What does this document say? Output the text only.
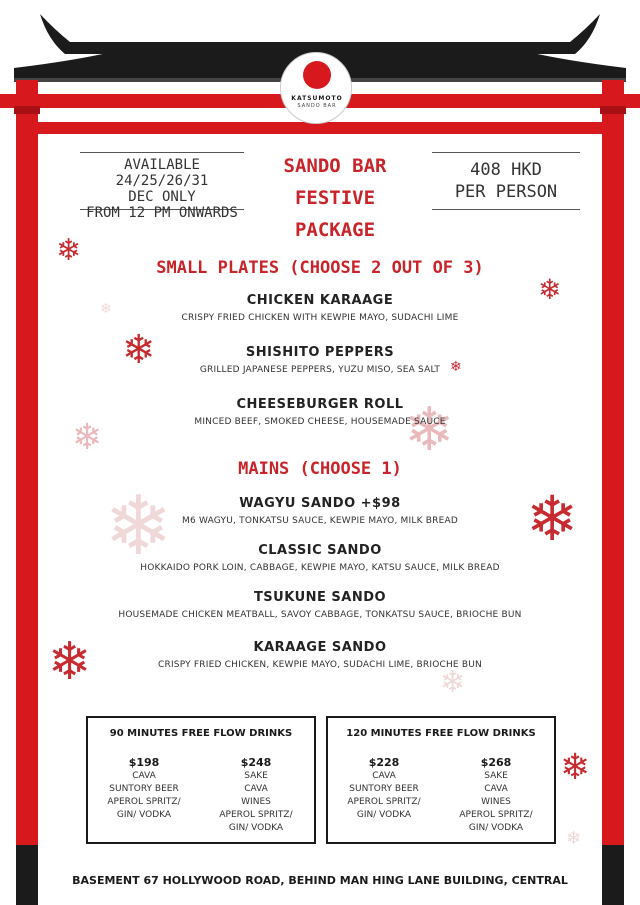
KATSUMOTO
SANDO BAR
❄
❄
❄	❄
❄
❄	❄
❄	❄
❄	❄
❄
❄
AVAILABLE 24/25/26/31
DEC ONLY
FROM 12 PM ONWARDS
SANDO BAR
FESTIVE PACKAGE
408 HKD
PER PERSON
SMALL PLATES (CHOOSE 2 OUT OF 3)
CHICKEN KARAAGE
CRISPY FRIED CHICKEN WITH KEWPIE MAYO, SUDACHI LIME
SHISHITO PEPPERS
GRILLED JAPANESE PEPPERS, YUZU MISO, SEA SALT
CHEESEBURGER ROLL
MINCED BEEF, SMOKED CHEESE, HOUSEMADE SAUCE
MAINS (CHOOSE 1)
WAGYU SANDO +$98
M6 WAGYU, TONKATSU SAUCE, KEWPIE MAYO, MILK BREAD
CLASSIC SANDO
HOKKAIDO PORK LOIN, CABBAGE, KEWPIE MAYO, KATSU SAUCE, MILK BREAD
TSUKUNE SANDO
HOUSEMADE CHICKEN MEATBALL, SAVOY CABBAGE, TONKATSU SAUCE, BRIOCHE BUN
KARAAGE SANDO
CRISPY FRIED CHICKEN, KEWPIE MAYO, SUDACHI LIME, BRIOCHE BUN
90 MINUTES FREE FLOW DRINKS
$198
CAVA
SUNTORY BEER
APEROL SPRITZ/
GIN/ VODKA
$248
SAKE
CAVA
WINES
APEROL SPRITZ/
GIN/ VODKA
120 MINUTES FREE FLOW DRINKS
$228
CAVA
SUNTORY BEER
APEROL SPRITZ/
GIN/ VODKA
$268
SAKE
CAVA
WINES
APEROL SPRITZ/
GIN/ VODKA
BASEMENT 67 HOLLYWOOD ROAD, BEHIND MAN HING LANE BUILDING, CENTRAL
